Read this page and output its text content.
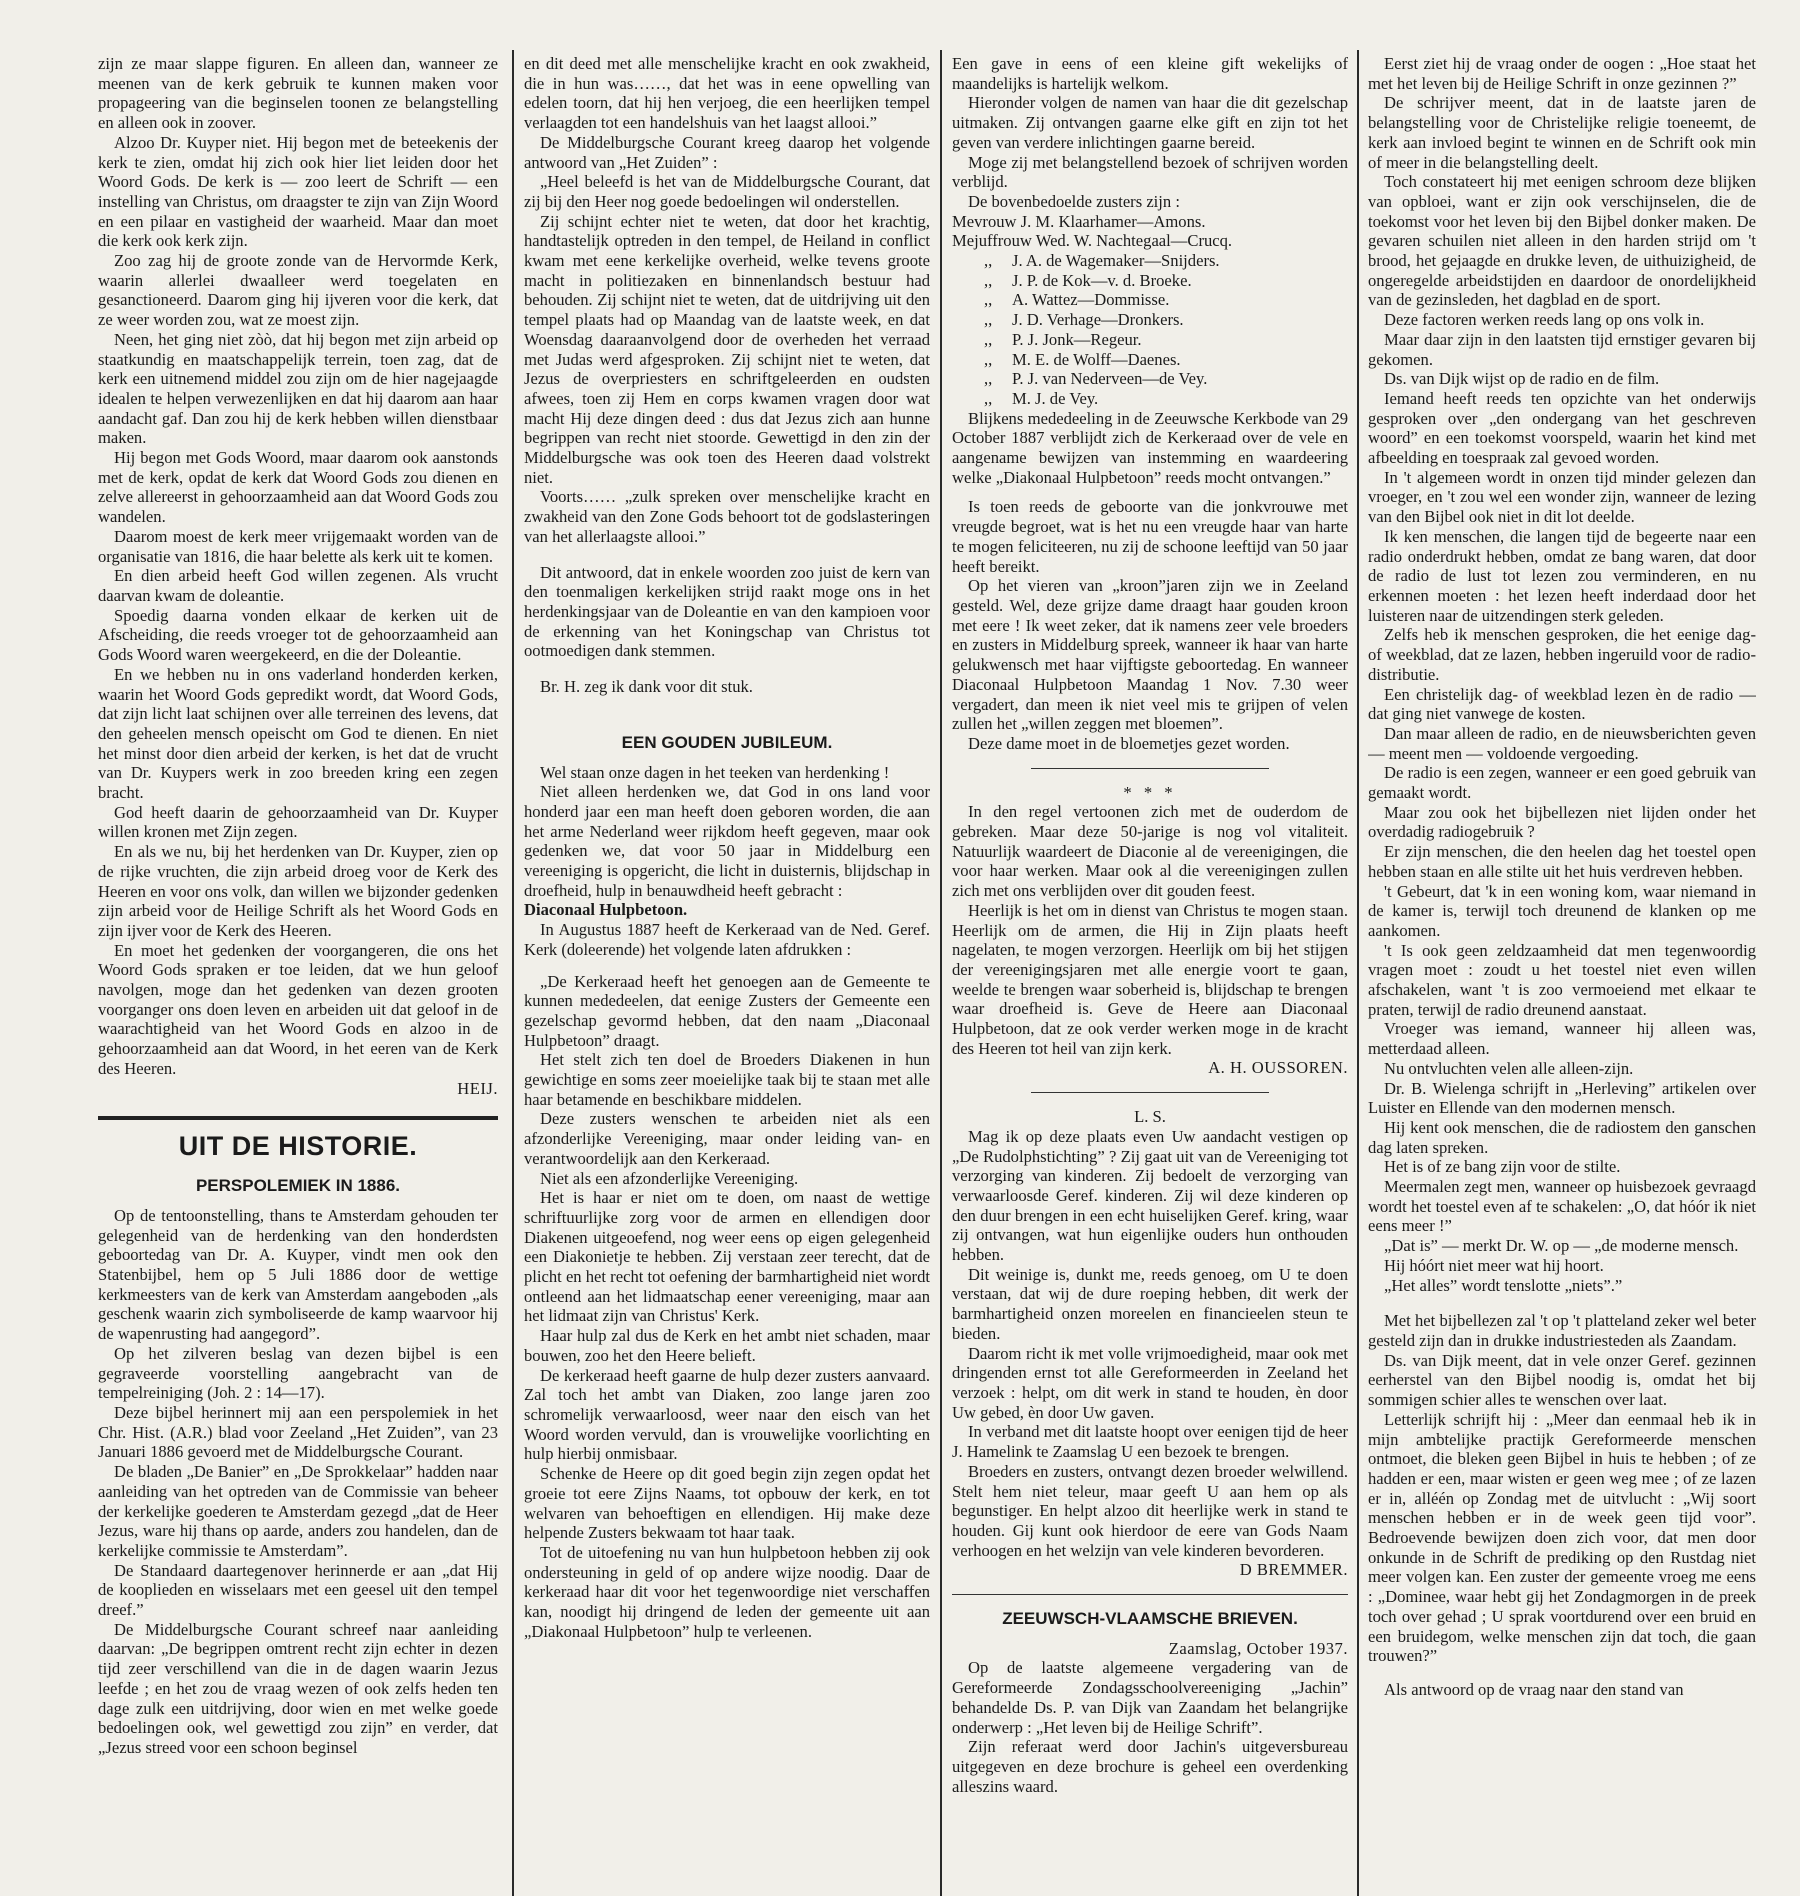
zijn ze maar slappe figuren. En alleen dan, wanneer ze meenen van de kerk gebruik te kunnen maken voor propageering van die beginselen toonen ze belangstelling en alleen ook in zoover.

Alzoo Dr. Kuyper niet. Hij begon met de beteekenis der kerk te zien, omdat hij zich ook hier liet leiden door het Woord Gods. De kerk is — zoo leert de Schrift — een instelling van Christus, om draagster te zijn van Zijn Woord en een pilaar en vastigheid der waarheid. Maar dan moet die kerk ook kerk zijn.

Zoo zag hij de groote zonde van de Hervormde Kerk, waarin allerlei dwaalleer werd toegelaten en gesanctioneerd. Daarom ging hij ijveren voor die kerk, dat ze weer worden zou, wat ze moest zijn.

Neen, het ging niet zòò, dat hij begon met zijn arbeid op staatkundig en maatschappelijk terrein, toen zag, dat de kerk een uitnemend middel zou zijn om de hier nagejaagde idealen te helpen verwezenlijken en dat hij daarom aan haar aandacht gaf. Dan zou hij de kerk hebben willen dienstbaar maken.

Hij begon met Gods Woord, maar daarom ook aanstonds met de kerk, opdat de kerk dat Woord Gods zou dienen en zelve allereerst in gehoorzaamheid aan dat Woord Gods zou wandelen.

Daarom moest de kerk meer vrijgemaakt worden van de organisatie van 1816, die haar belette als kerk uit te komen.

En dien arbeid heeft God willen zegenen. Als vrucht daarvan kwam de doleantie.

Spoedig daarna vonden elkaar de kerken uit de Afscheiding, die reeds vroeger tot de gehoorzaamheid aan Gods Woord waren weergekeerd, en die der Doleantie.

En we hebben nu in ons vaderland honderden kerken, waarin het Woord Gods gepredikt wordt, dat Woord Gods, dat zijn licht laat schijnen over alle terreinen des levens, dat den geheelen mensch opeischt om God te dienen. En niet het minst door dien arbeid der kerken, is het dat de vrucht van Dr. Kuypers werk in zoo breeden kring een zegen bracht.

God heeft daarin de gehoorzaamheid van Dr. Kuyper willen kronen met Zijn zegen.

En als we nu, bij het herdenken van Dr. Kuyper, zien op de rijke vruchten, die zijn arbeid droeg voor de Kerk des Heeren en voor ons volk, dan willen we bijzonder gedenken zijn arbeid voor de Heilige Schrift als het Woord Gods en zijn ijver voor de Kerk des Heeren.

En moet het gedenken der voorgangeren, die ons het Woord Gods spraken er toe leiden, dat we hun geloof navolgen, moge dan het gedenken van dezen grooten voorganger ons doen leven en arbeiden uit dat geloof in de waarachtigheid van het Woord Gods en alzoo in de gehoorzaamheid aan dat Woord, in het eeren van de Kerk des Heeren.

HEIJ.

UIT DE HISTORIE.
PERSPOLEMIEK IN 1886.

Op de tentoonstelling, thans te Amsterdam gehouden ter gelegenheid van de herdenking van den honderdsten geboortedag van Dr. A. Kuyper, vindt men ook den Statenbijbel, hem op 5 Juli 1886 door de wettige kerkmeesters van de kerk van Amsterdam aangeboden „als geschenk waarin zich symboliseerde de kamp waarvoor hij de wapenrusting had aangegord”.

Op het zilveren beslag van dezen bijbel is een gegraveerde voorstelling aangebracht van de tempelreiniging (Joh. 2 : 14—17).

Deze bijbel herinnert mij aan een perspolemiek in het Chr. Hist. (A.R.) blad voor Zeeland „Het Zuiden”, van 23 Januari 1886 gevoerd met de Middelburgsche Courant.

De bladen „De Banier” en „De Sprokkelaar” hadden naar aanleiding van het optreden van de Commissie van beheer der kerkelijke goederen te Amsterdam gezegd „dat de Heer Jezus, ware hij thans op aarde, anders zou handelen, dan de kerkelijke commissie te Amsterdam”.

De Standaard daartegenover herinnerde er aan „dat Hij de kooplieden en wisselaars met een geesel uit den tempel dreef.”

De Middelburgsche Courant schreef naar aanleiding daarvan: „De begrippen omtrent recht zijn echter in dezen tijd zeer verschillend van die in de dagen waarin Jezus leefde ; en het zou de vraag wezen of ook zelfs heden ten dage zulk een uitdrijving, door wien en met welke goede bedoelingen ook, wel gewettigd zou zijn” en verder, dat „Jezus streed voor een schoon beginsel

en dit deed met alle menschelijke kracht en ook zwakheid, die in hun was……, dat het was in eene opwelling van edelen toorn, dat hij hen verjoeg, die een heerlijken tempel verlaagden tot een handelshuis van het laagst allooi.”

De Middelburgsche Courant kreeg daarop het volgende antwoord van „Het Zuiden” :

„Heel beleefd is het van de Middelburgsche Courant, dat zij bij den Heer nog goede bedoelingen wil onderstellen.

Zij schijnt echter niet te weten, dat door het krachtig, handtastelijk optreden in den tempel, de Heiland in conflict kwam met eene kerkelijke overheid, welke tevens groote macht in politiezaken en binnenlandsch bestuur had behouden. Zij schijnt niet te weten, dat de uitdrijving uit den tempel plaats had op Maandag van de laatste week, en dat Woensdag daaraanvolgend door de overheden het verraad met Judas werd afgesproken. Zij schijnt niet te weten, dat Jezus de overpriesters en schriftgeleerden en oudsten afwees, toen zij Hem en corps kwamen vragen door wat macht Hij deze dingen deed : dus dat Jezus zich aan hunne begrippen van recht niet stoorde. Gewettigd in den zin der Middelburgsche was ook toen des Heeren daad volstrekt niet.

Voorts…… „zulk spreken over menschelijke kracht en zwakheid van den Zone Gods behoort tot de godslasteringen van het allerlaagste allooi.”

Dit antwoord, dat in enkele woorden zoo juist de kern van den toenmaligen kerkelijken strijd raakt moge ons in het herdenkingsjaar van de Doleantie en van den kampioen voor de erkenning van het Koningschap van Christus tot ootmoedigen dank stemmen.

Br. H. zeg ik dank voor dit stuk.

EEN GOUDEN JUBILEUM.

Wel staan onze dagen in het teeken van herdenking !

Niet alleen herdenken we, dat God in ons land voor honderd jaar een man heeft doen geboren worden, die aan het arme Nederland weer rijkdom heeft gegeven, maar ook gedenken we, dat voor 50 jaar in Middelburg een vereeniging is opgericht, die licht in duisternis, blijdschap in droefheid, hulp in benauwdheid heeft gebracht :

Diaconaal Hulpbetoon.

In Augustus 1887 heeft de Kerkeraad van de Ned. Geref. Kerk (doleerende) het volgende laten afdrukken :

„De Kerkeraad heeft het genoegen aan de Gemeente te kunnen mededeelen, dat eenige Zusters der Gemeente een gezelschap gevormd hebben, dat den naam „Diaconaal Hulpbetoon” draagt.

Het stelt zich ten doel de Broeders Diakenen in hun gewichtige en soms zeer moeielijke taak bij te staan met alle haar betamende en beschikbare middelen.

Deze zusters wenschen te arbeiden niet als een afzonderlijke Vereeniging, maar onder leiding van- en verantwoordelijk aan den Kerkeraad.

Niet als een afzonderlijke Vereeniging.

Het is haar er niet om te doen, om naast de wettige schriftuurlijke zorg voor de armen en ellendigen door Diakenen uitgeoefend, nog weer eens op eigen gelegenheid een Diakonietje te hebben. Zij verstaan zeer terecht, dat de plicht en het recht tot oefening der barmhartigheid niet wordt ontleend aan het lidmaatschap eener vereeniging, maar aan het lidmaat zijn van Christus' Kerk.

Haar hulp zal dus de Kerk en het ambt niet schaden, maar bouwen, zoo het den Heere belieft.

De kerkeraad heeft gaarne de hulp dezer zusters aanvaard. Zal toch het ambt van Diaken, zoo lange jaren zoo schromelijk verwaarloosd, weer naar den eisch van het Woord worden vervuld, dan is vrouwelijke voorlichting en hulp hierbij onmisbaar.

Schenke de Heere op dit goed begin zijn zegen opdat het groeie tot eere Zijns Naams, tot opbouw der kerk, en tot welvaren van behoeftigen en ellendigen. Hij make deze helpende Zusters bekwaam tot haar taak.

Tot de uitoefening nu van hun hulpbetoon hebben zij ook ondersteuning in geld of op andere wijze noodig. Daar de kerkeraad haar dit voor het tegenwoordige niet verschaffen kan, noodigt hij dringend de leden der gemeente uit aan „Diakonaal Hulpbetoon” hulp te verleenen.

Een gave in eens of een kleine gift wekelijks of maandelijks is hartelijk welkom.

Hieronder volgen de namen van haar die dit gezelschap uitmaken. Zij ontvangen gaarne elke gift en zijn tot het geven van verdere inlichtingen gaarne bereid.

Moge zij met belangstellend bezoek of schrijven worden verblijd.

De bovenbedoelde zusters zijn :

Mevrouw J. M. Klaarhamer—Amons.

Mejuffrouw Wed. W. Nachtegaal—Crucq.

,, J. A. de Wagemaker—Snijders.

,, J. P. de Kok—v. d. Broeke.

,, A. Wattez—Dommisse.

,, J. D. Verhage—Dronkers.

,, P. J. Jonk—Regeur.

,, M. E. de Wolff—Daenes.

,, P. J. van Nederveen—de Vey.

,, M. J. de Vey.

Blijkens mededeeling in de Zeeuwsche Kerkbode van 29 October 1887 verblijdt zich de Kerkeraad over de vele en aangename bewijzen van instemming en waardeering welke „Diakonaal Hulpbetoon” reeds mocht ontvangen.”

Is toen reeds de geboorte van die jonkvrouwe met vreugde begroet, wat is het nu een vreugde haar van harte te mogen feliciteeren, nu zij de schoone leeftijd van 50 jaar heeft bereikt.

Op het vieren van „kroon”jaren zijn we in Zeeland gesteld. Wel, deze grijze dame draagt haar gouden kroon met eere ! Ik weet zeker, dat ik namens zeer vele broeders en zusters in Middelburg spreek, wanneer ik haar van harte gelukwensch met haar vijftigste geboortedag. En wanneer Diaconaal Hulpbetoon Maandag 1 Nov. 7.30 weer vergadert, dan meen ik niet veel mis te grijpen of velen zullen het „willen zeggen met bloemen”.

Deze dame moet in de bloemetjes gezet worden.

* * *

In den regel vertoonen zich met de ouderdom de gebreken. Maar deze 50-jarige is nog vol vitaliteit. Natuurlijk waardeert de Diaconie al de vereenigingen, die voor haar werken. Maar ook al die vereenigingen zullen zich met ons verblijden over dit gouden feest.

Heerlijk is het om in dienst van Christus te mogen staan. Heerlijk om de armen, die Hij in Zijn plaats heeft nagelaten, te mogen verzorgen. Heerlijk om bij het stijgen der vereenigingsjaren met alle energie voort te gaan, weelde te brengen waar soberheid is, blijdschap te brengen waar droefheid is. Geve de Heere aan Diaconaal Hulpbetoon, dat ze ook verder werken moge in de kracht des Heeren tot heil van zijn kerk.

A. H. OUSSOREN.

L. S.

Mag ik op deze plaats even Uw aandacht vestigen op „De Rudolphstichting” ? Zij gaat uit van de Vereeniging tot verzorging van kinderen. Zij bedoelt de verzorging van verwaarloosde Geref. kinderen. Zij wil deze kinderen op den duur brengen in een echt huiselijken Geref. kring, waar zij ontvangen, wat hun eigenlijke ouders hun onthouden hebben.

Dit weinige is, dunkt me, reeds genoeg, om U te doen verstaan, dat wij de dure roeping hebben, dit werk der barmhartigheid onzen moreelen en financieelen steun te bieden.

Daarom richt ik met volle vrijmoedigheid, maar ook met dringenden ernst tot alle Gereformeerden in Zeeland het verzoek : helpt, om dit werk in stand te houden, èn door Uw gebed, èn door Uw gaven.

In verband met dit laatste hoopt over eenigen tijd de heer J. Hamelink te Zaamslag U een bezoek te brengen.

Broeders en zusters, ontvangt dezen broeder welwillend. Stelt hem niet teleur, maar geeft U aan hem op als begunstiger. En helpt alzoo dit heerlijke werk in stand te houden. Gij kunt ook hierdoor de eere van Gods Naam verhoogen en het welzijn van vele kinderen bevorderen.

D BREMMER.

ZEEUWSCH-VLAAMSCHE BRIEVEN.

Zaamslag, October 1937.

Op de laatste algemeene vergadering van de Gereformeerde Zondagsschoolvereeniging „Jachin” behandelde Ds. P. van Dijk van Zaandam het belangrijke onderwerp : „Het leven bij de Heilige Schrift”.

Zijn referaat werd door Jachin's uitgeversbureau uitgegeven en deze brochure is geheel een overdenking alleszins waard.

Eerst ziet hij de vraag onder de oogen : „Hoe staat het met het leven bij de Heilige Schrift in onze gezinnen ?”

De schrijver meent, dat in de laatste jaren de belangstelling voor de Christelijke religie toeneemt, de kerk aan invloed begint te winnen en de Schrift ook min of meer in die belangstelling deelt.

Toch constateert hij met eenigen schroom deze blijken van opbloei, want er zijn ook verschijnselen, die de toekomst voor het leven bij den Bijbel donker maken. De gevaren schuilen niet alleen in den harden strijd om 't brood, het gejaagde en drukke leven, de uithuizigheid, de ongeregelde arbeidstijden en daardoor de onordelijkheid van de gezinsleden, het dagblad en de sport.

Deze factoren werken reeds lang op ons volk in.

Maar daar zijn in den laatsten tijd ernstiger gevaren bij gekomen.

Ds. van Dijk wijst op de radio en de film.

Iemand heeft reeds ten opzichte van het onderwijs gesproken over „den ondergang van het geschreven woord” en een toekomst voorspeld, waarin het kind met afbeelding en toespraak zal gevoed worden.

In 't algemeen wordt in onzen tijd minder gelezen dan vroeger, en 't zou wel een wonder zijn, wanneer de lezing van den Bijbel ook niet in dit lot deelde.

Ik ken menschen, die langen tijd de begeerte naar een radio onderdrukt hebben, omdat ze bang waren, dat door de radio de lust tot lezen zou verminderen, en nu erkennen moeten : het lezen heeft inderdaad door het luisteren naar de uitzendingen sterk geleden.

Zelfs heb ik menschen gesproken, die het eenige dag- of weekblad, dat ze lazen, hebben ingeruild voor de radio-distributie.

Een christelijk dag- of weekblad lezen èn de radio — dat ging niet vanwege de kosten.

Dan maar alleen de radio, en de nieuwsberichten geven — meent men — voldoende vergoeding.

De radio is een zegen, wanneer er een goed gebruik van gemaakt wordt.

Maar zou ook het bijbellezen niet lijden onder het overdadig radiogebruik ?

Er zijn menschen, die den heelen dag het toestel open hebben staan en alle stilte uit het huis verdreven hebben.

't Gebeurt, dat 'k in een woning kom, waar niemand in de kamer is, terwijl toch dreunend de klanken op me aankomen.

't Is ook geen zeldzaamheid dat men tegenwoordig vragen moet : zoudt u het toestel niet even willen afschakelen, want 't is zoo vermoeiend met elkaar te praten, terwijl de radio dreunend aanstaat.

Vroeger was iemand, wanneer hij alleen was, metterdaad alleen.

Nu ontvluchten velen alle alleen-zijn.

Dr. B. Wielenga schrijft in „Herleving” artikelen over Luister en Ellende van den modernen mensch.

Hij kent ook menschen, die de radiostem den ganschen dag laten spreken.

Het is of ze bang zijn voor de stilte.

Meermalen zegt men, wanneer op huisbezoek gevraagd wordt het toestel even af te schakelen: „O, dat hóór ik niet eens meer !”

„Dat is” — merkt Dr. W. op — „de moderne mensch.

Hij hóórt niet meer wat hij hoort.

„Het alles” wordt tenslotte „niets”.”

Met het bijbellezen zal 't op 't platteland zeker wel beter gesteld zijn dan in drukke industriesteden als Zaandam.

Ds. van Dijk meent, dat in vele onzer Geref. gezinnen eerherstel van den Bijbel noodig is, omdat het bij sommigen schier alles te wenschen over laat.

Letterlijk schrijft hij : „Meer dan eenmaal heb ik in mijn ambtelijke practijk Gereformeerde menschen ontmoet, die bleken geen Bijbel in huis te hebben ; of ze hadden er een, maar wisten er geen weg mee ; of ze lazen er in, alléén op Zondag met de uitvlucht : „Wij soort menschen hebben er in de week geen tijd voor”. Bedroevende bewijzen doen zich voor, dat men door onkunde in de Schrift de prediking op den Rustdag niet meer volgen kan. Een zuster der gemeente vroeg me eens : „Dominee, waar hebt gij het Zondagmorgen in de preek toch over gehad ; U sprak voortdurend over een bruid en een bruidegom, welke menschen zijn dat toch, die gaan trouwen?”

Als antwoord op de vraag naar den stand van
